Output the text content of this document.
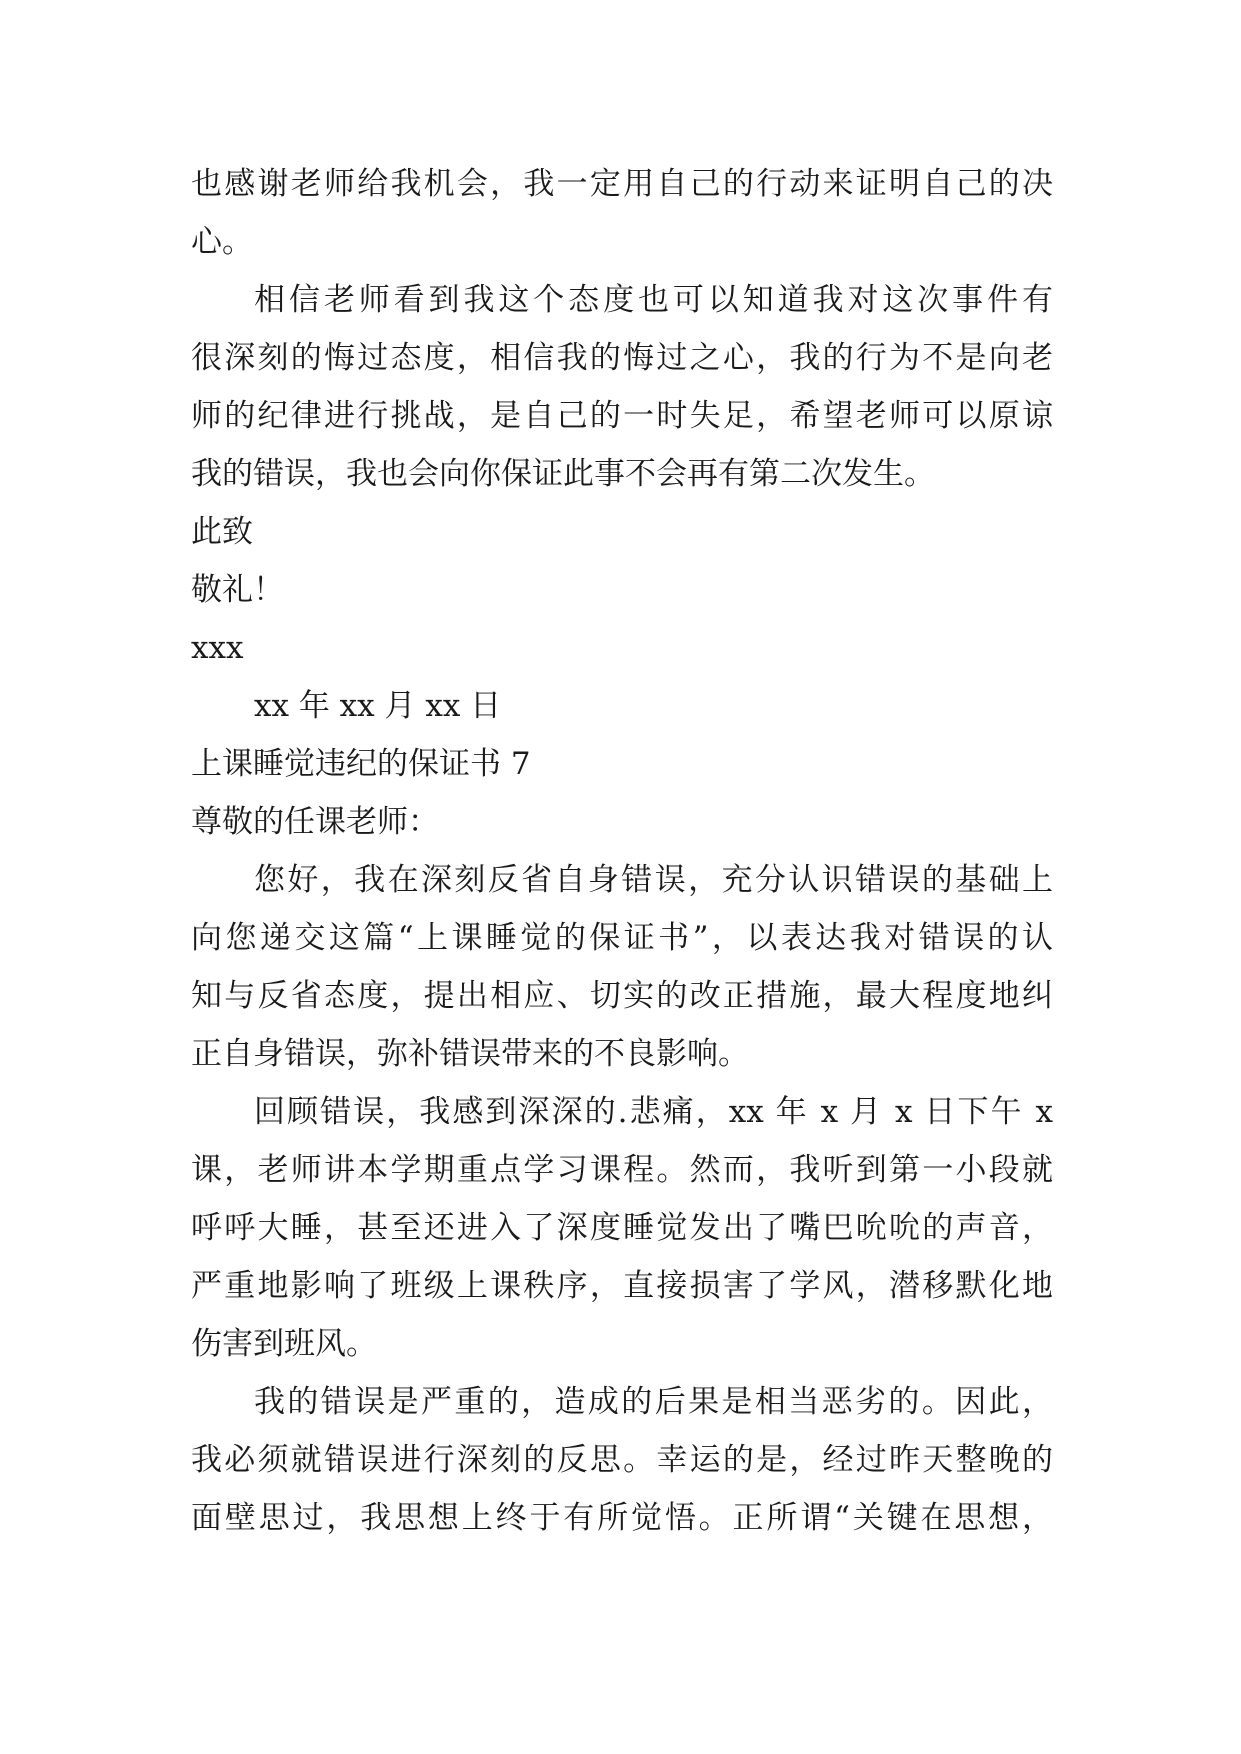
也感谢老师给我机会，我一定用自己的行动来证明自己的决
心。
相信老师看到我这个态度也可以知道我对这次事件有
很深刻的悔过态度，相信我的悔过之心，我的行为不是向老
师的纪律进行挑战，是自己的一时失足，希望老师可以原谅
我的错误，我也会向你保证此事不会再有第二次发生。
此致
敬礼！
xxx
xx 年 xx 月 xx 日
上课睡觉违纪的保证书 7
尊敬的任课老师：
您好，我在深刻反省自身错误，充分认识错误的基础上
向您递交这篇“上课睡觉的保证书”，以表达我对错误的认
知与反省态度，提出相应、切实的改正措施，最大程度地纠
正自身错误，弥补错误带来的不良影响。
回顾错误，我感到深深的.悲痛，xx 年 x 月 x 日下午 x
课，老师讲本学期重点学习课程。然而，我听到第一小段就
呼呼大睡，甚至还进入了深度睡觉发出了嘴巴吮吮的声音，
严重地影响了班级上课秩序，直接损害了学风，潜移默化地
伤害到班风。
我的错误是严重的，造成的后果是相当恶劣的。因此，
我必须就错误进行深刻的反思。幸运的是，经过昨天整晚的
面壁思过，我思想上终于有所觉悟。正所谓“关键在思想，
